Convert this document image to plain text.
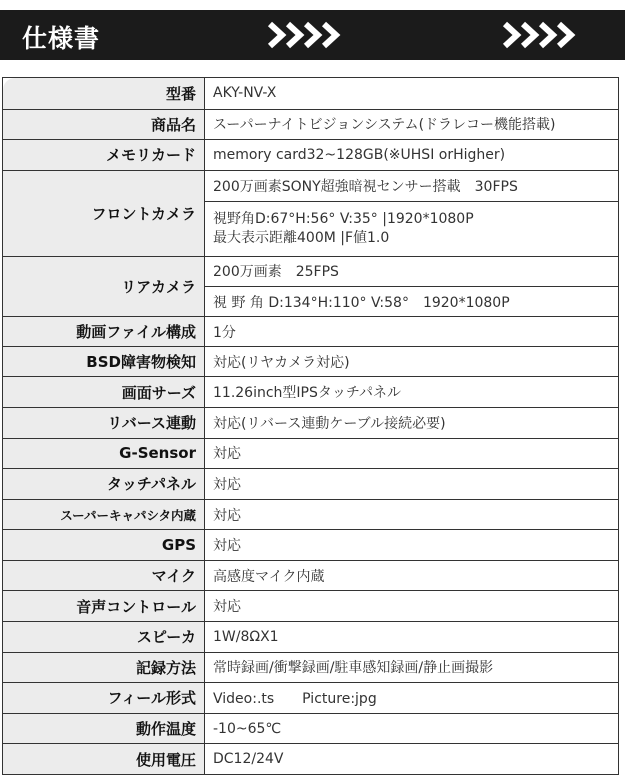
仕様書
型番	AKY-NV-X
商品名	スーパーナイトビジョンシステム(ドラレコー機能搭載)
メモリカード	memory card32~128GB(※UHSI orHigher)
フロントカメラ	200万画素SONY超強暗視センサー搭載　30FPS

	視野角D:67°H:56° V:35° |1920*1080P
最大表示距離400M |F値1.0

リアカメラ	200万画素　25FPS
	視 野 角 D:134°H:110° V:58°　1920*1080P
動画ファイル構成	1分
BSD障害物検知	対応(リヤカメラ対応)
画面サーズ	11.26inch型IPSタッチパネル
リバース連動	対応(リバース連動ケーブル接続必要)
G-Sensor	対応
タッチパネル	対応
スーパーキャパシタ内蔵	対応
GPS	対応
マイク	高感度マイク内蔵
音声コントロール	対応
スピーカ	1W/8ΩX1
記録方法	常時録画/衝撃録画/駐車感知録画/静止画撮影
フィール形式	Video:.ts　　Picture:jpg
動作温度	-10~65℃
使用電圧	DC12/24V
